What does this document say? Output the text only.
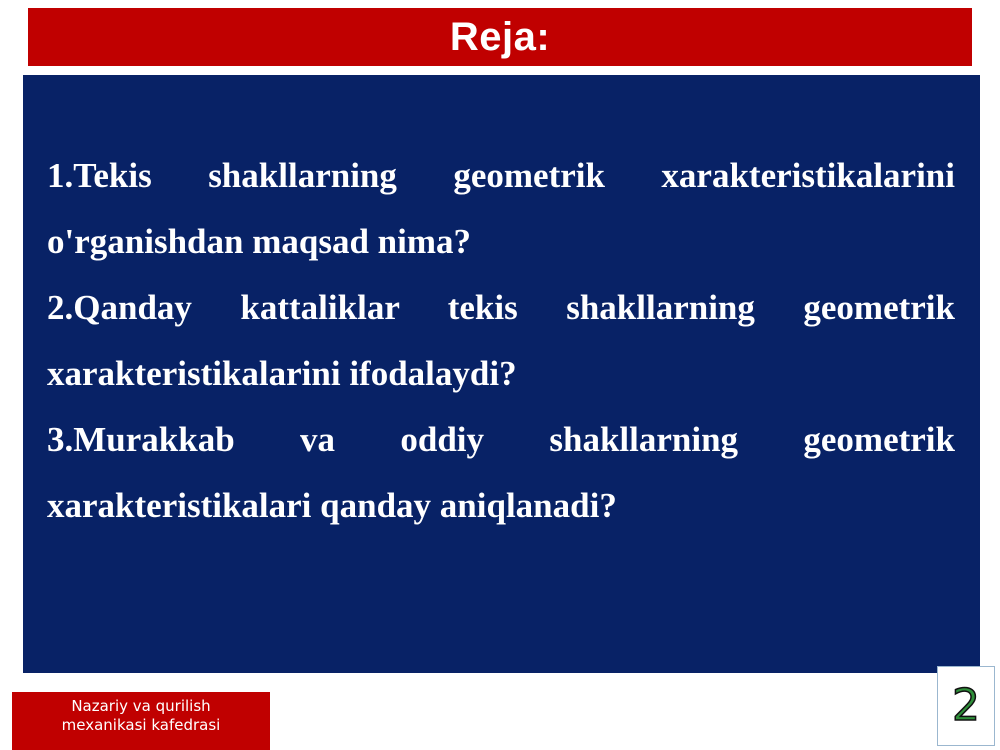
Reja:
1.Tekis shakllarning geometrik xarakteristikalarini o'rganishdan maqsad nima?
2.Qanday kattaliklar tekis shakllarning geometrik xarakteristikalarini ifodalaydi?
3.Murakkab va oddiy shakllarning geometrik xarakteristikalari qanday aniqlanadi?
Nazariy va qurilish mexanikasi kafedrasi	2
